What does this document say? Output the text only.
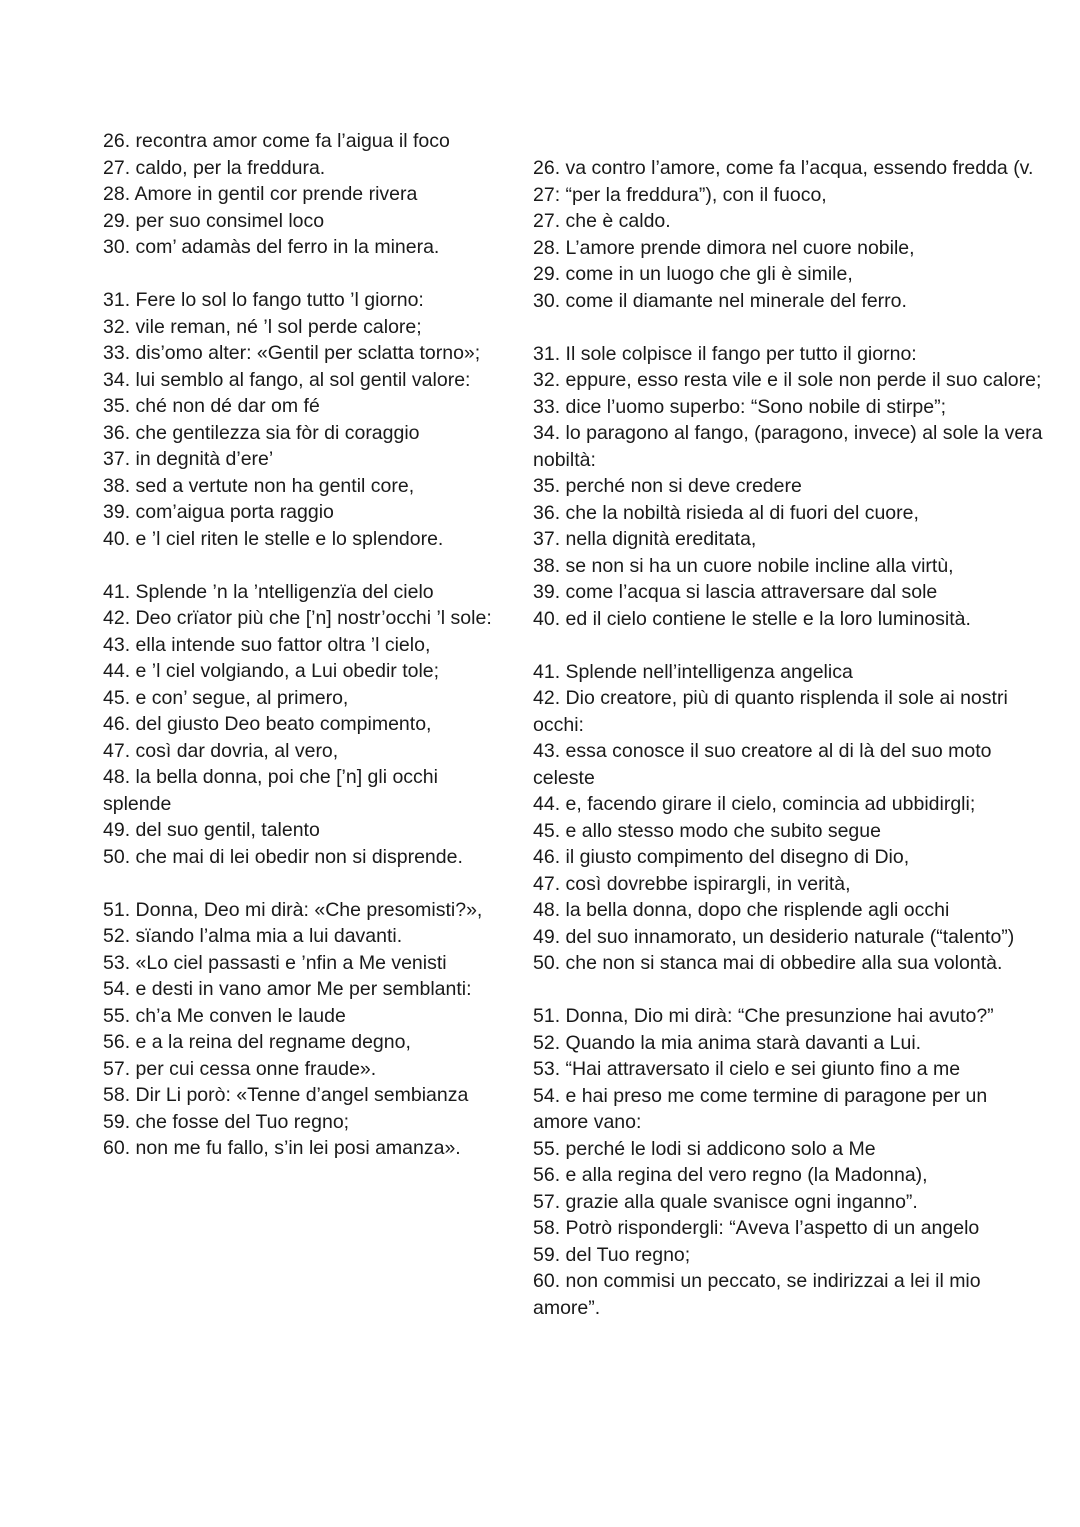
26. recontra amor come fa l’aigua il foco
27. caldo, per la freddura.
28. Amore in gentil cor prende rivera
29. per suo consimel loco
30. com’ adamàs del ferro in la minera.
31. Fere lo sol lo fango tutto ’l giorno:
32. vile reman, né ’l sol perde calore;
33. dis’omo alter: «Gentil per sclatta torno»;
34. lui semblo al fango, al sol gentil valore:
35. ché non dé dar om fé
36. che gentilezza sia fòr di coraggio
37. in degnità d’ere’
38. sed a vertute non ha gentil core,
39. com’aigua porta raggio
40. e ’l ciel riten le stelle e lo splendore.
41. Splende ’n la ’ntelligenzïa del cielo
42. Deo crïator più che [’n] nostr’occhi ’l sole:
43. ella intende suo fattor oltra ’l cielo,
44. e ’l ciel volgiando, a Lui obedir tole;
45. e con’ segue, al primero,
46. del giusto Deo beato compimento,
47. così dar dovria, al vero,
48. la bella donna, poi che [’n] gli occhi splende
49. del suo gentil, talento
50. che mai di lei obedir non si disprende.
51. Donna, Deo mi dirà: «Che presomisti?»,
52. sïando l’alma mia a lui davanti.
53. «Lo ciel passasti e ’nfin a Me venisti
54. e desti in vano amor Me per semblanti:
55. ch’a Me conven le laude
56. e a la reina del regname degno,
57. per cui cessa onne fraude».
58. Dir Li porò: «Tenne d’angel sembianza
59. che fosse del Tuo regno;
60. non me fu fallo, s’in lei posi amanza».
26. va contro l’amore, come fa l’acqua, essendo fredda (v. 27: “per la freddura”), con il fuoco,
27. che è caldo.
28. L’amore prende dimora nel cuore nobile,
29. come in un luogo che gli è simile,
30. come il diamante nel minerale del ferro.
31. Il sole colpisce il fango per tutto il giorno:
32. eppure, esso resta vile e il sole non perde il suo calore;
33. dice l’uomo superbo: “Sono nobile di stirpe”;
34. lo paragono al fango, (paragono, invece) al sole la vera nobiltà:
35. perché non si deve credere
36. che la nobiltà risieda al di fuori del cuore,
37. nella dignità ereditata,
38. se non si ha un cuore nobile incline alla virtù,
39. come l’acqua si lascia attraversare dal sole
40. ed il cielo contiene le stelle e la loro luminosità.
41. Splende nell’intelligenza angelica
42. Dio creatore, più di quanto risplenda il sole ai nostri occhi:
43. essa conosce il suo creatore al di là del suo moto celeste
44. e, facendo girare il cielo, comincia ad ubbidirgli;
45. e allo stesso modo che subito segue
46. il giusto compimento del disegno di Dio,
47. così dovrebbe ispirargli, in verità,
48. la bella donna, dopo che risplende agli occhi
49. del suo innamorato, un desiderio naturale (“talento”)
50. che non si stanca mai di obbedire alla sua volontà.
51. Donna, Dio mi dirà: “Che presunzione hai avuto?”
52. Quando la mia anima starà davanti a Lui.
53. “Hai attraversato il cielo e sei giunto fino a me
54. e hai preso me come termine di paragone per un amore vano:
55. perché le lodi si addicono solo a Me
56. e alla regina del vero regno (la Madonna),
57. grazie alla quale svanisce ogni inganno”.
58. Potrò rispondergli: “Aveva l’aspetto di un angelo
59. del Tuo regno;
60. non commisi un peccato, se indirizzai a lei il mio amore”.
